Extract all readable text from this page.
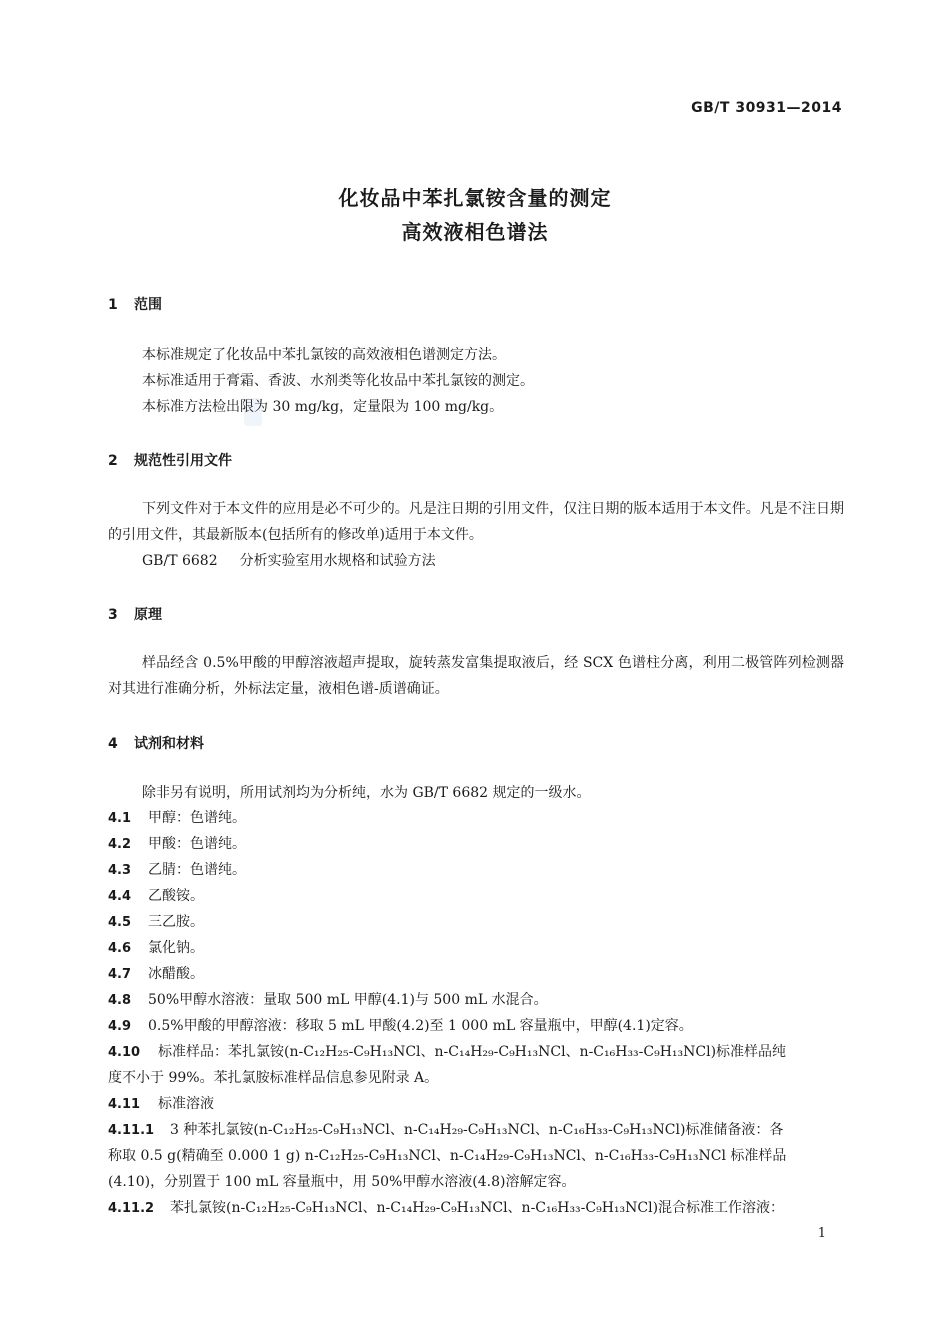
GB/T 30931—2014
化妆品中苯扎氯铵含量的测定
高效液相色谱法
1 范围
本标准规定了化妆品中苯扎氯铵的高效液相色谱测定方法。
本标准适用于膏霜、香波、水剂类等化妆品中苯扎氯铵的测定。
本标准方法检出限为 30 mg/kg，定量限为 100 mg/kg。
2 规范性引用文件
下列文件对于本文件的应用是必不可少的。凡是注日期的引用文件，仅注日期的版本适用于本文件。凡是不注日期的引用文件，其最新版本(包括所有的修改单)适用于本文件。
GB/T 6682 分析实验室用水规格和试验方法
3 原理
样品经含 0.5%甲酸的甲醇溶液超声提取，旋转蒸发富集提取液后，经 SCX 色谱柱分离，利用二极管阵列检测器对其进行准确分析，外标法定量，液相色谱-质谱确证。
4 试剂和材料
除非另有说明，所用试剂均为分析纯，水为 GB/T 6682 规定的一级水。
4.1 甲醇：色谱纯。
4.2 甲酸：色谱纯。
4.3 乙腈：色谱纯。
4.4 乙酸铵。
4.5 三乙胺。
4.6 氯化钠。
4.7 冰醋酸。
4.8 50%甲醇水溶液：量取 500 mL 甲醇(4.1)与 500 mL 水混合。
4.9 0.5%甲酸的甲醇溶液：移取 5 mL 甲酸(4.2)至 1 000 mL 容量瓶中，甲醇(4.1)定容。
4.10 标准样品：苯扎氯铵(n-C₁₂H₂₅-C₉H₁₃NCl、n-C₁₄H₂₉-C₉H₁₃NCl、n-C₁₆H₃₃-C₉H₁₃NCl)标准样品纯
度不小于 99%。苯扎氯胺标准样品信息参见附录 A。
4.11 标准溶液
4.11.1 3 种苯扎氯铵(n-C₁₂H₂₅-C₉H₁₃NCl、n-C₁₄H₂₉-C₉H₁₃NCl、n-C₁₆H₃₃-C₉H₁₃NCl)标准储备液：各
称取 0.5 g(精确至 0.000 1 g) n-C₁₂H₂₅-C₉H₁₃NCl、n-C₁₄H₂₉-C₉H₁₃NCl、n-C₁₆H₃₃-C₉H₁₃NCl 标准样品
(4.10)，分别置于 100 mL 容量瓶中，用 50%甲醇水溶液(4.8)溶解定容。
4.11.2 苯扎氯铵(n-C₁₂H₂₅-C₉H₁₃NCl、n-C₁₄H₂₉-C₉H₁₃NCl、n-C₁₆H₃₃-C₉H₁₃NCl)混合标准工作溶液：
1
